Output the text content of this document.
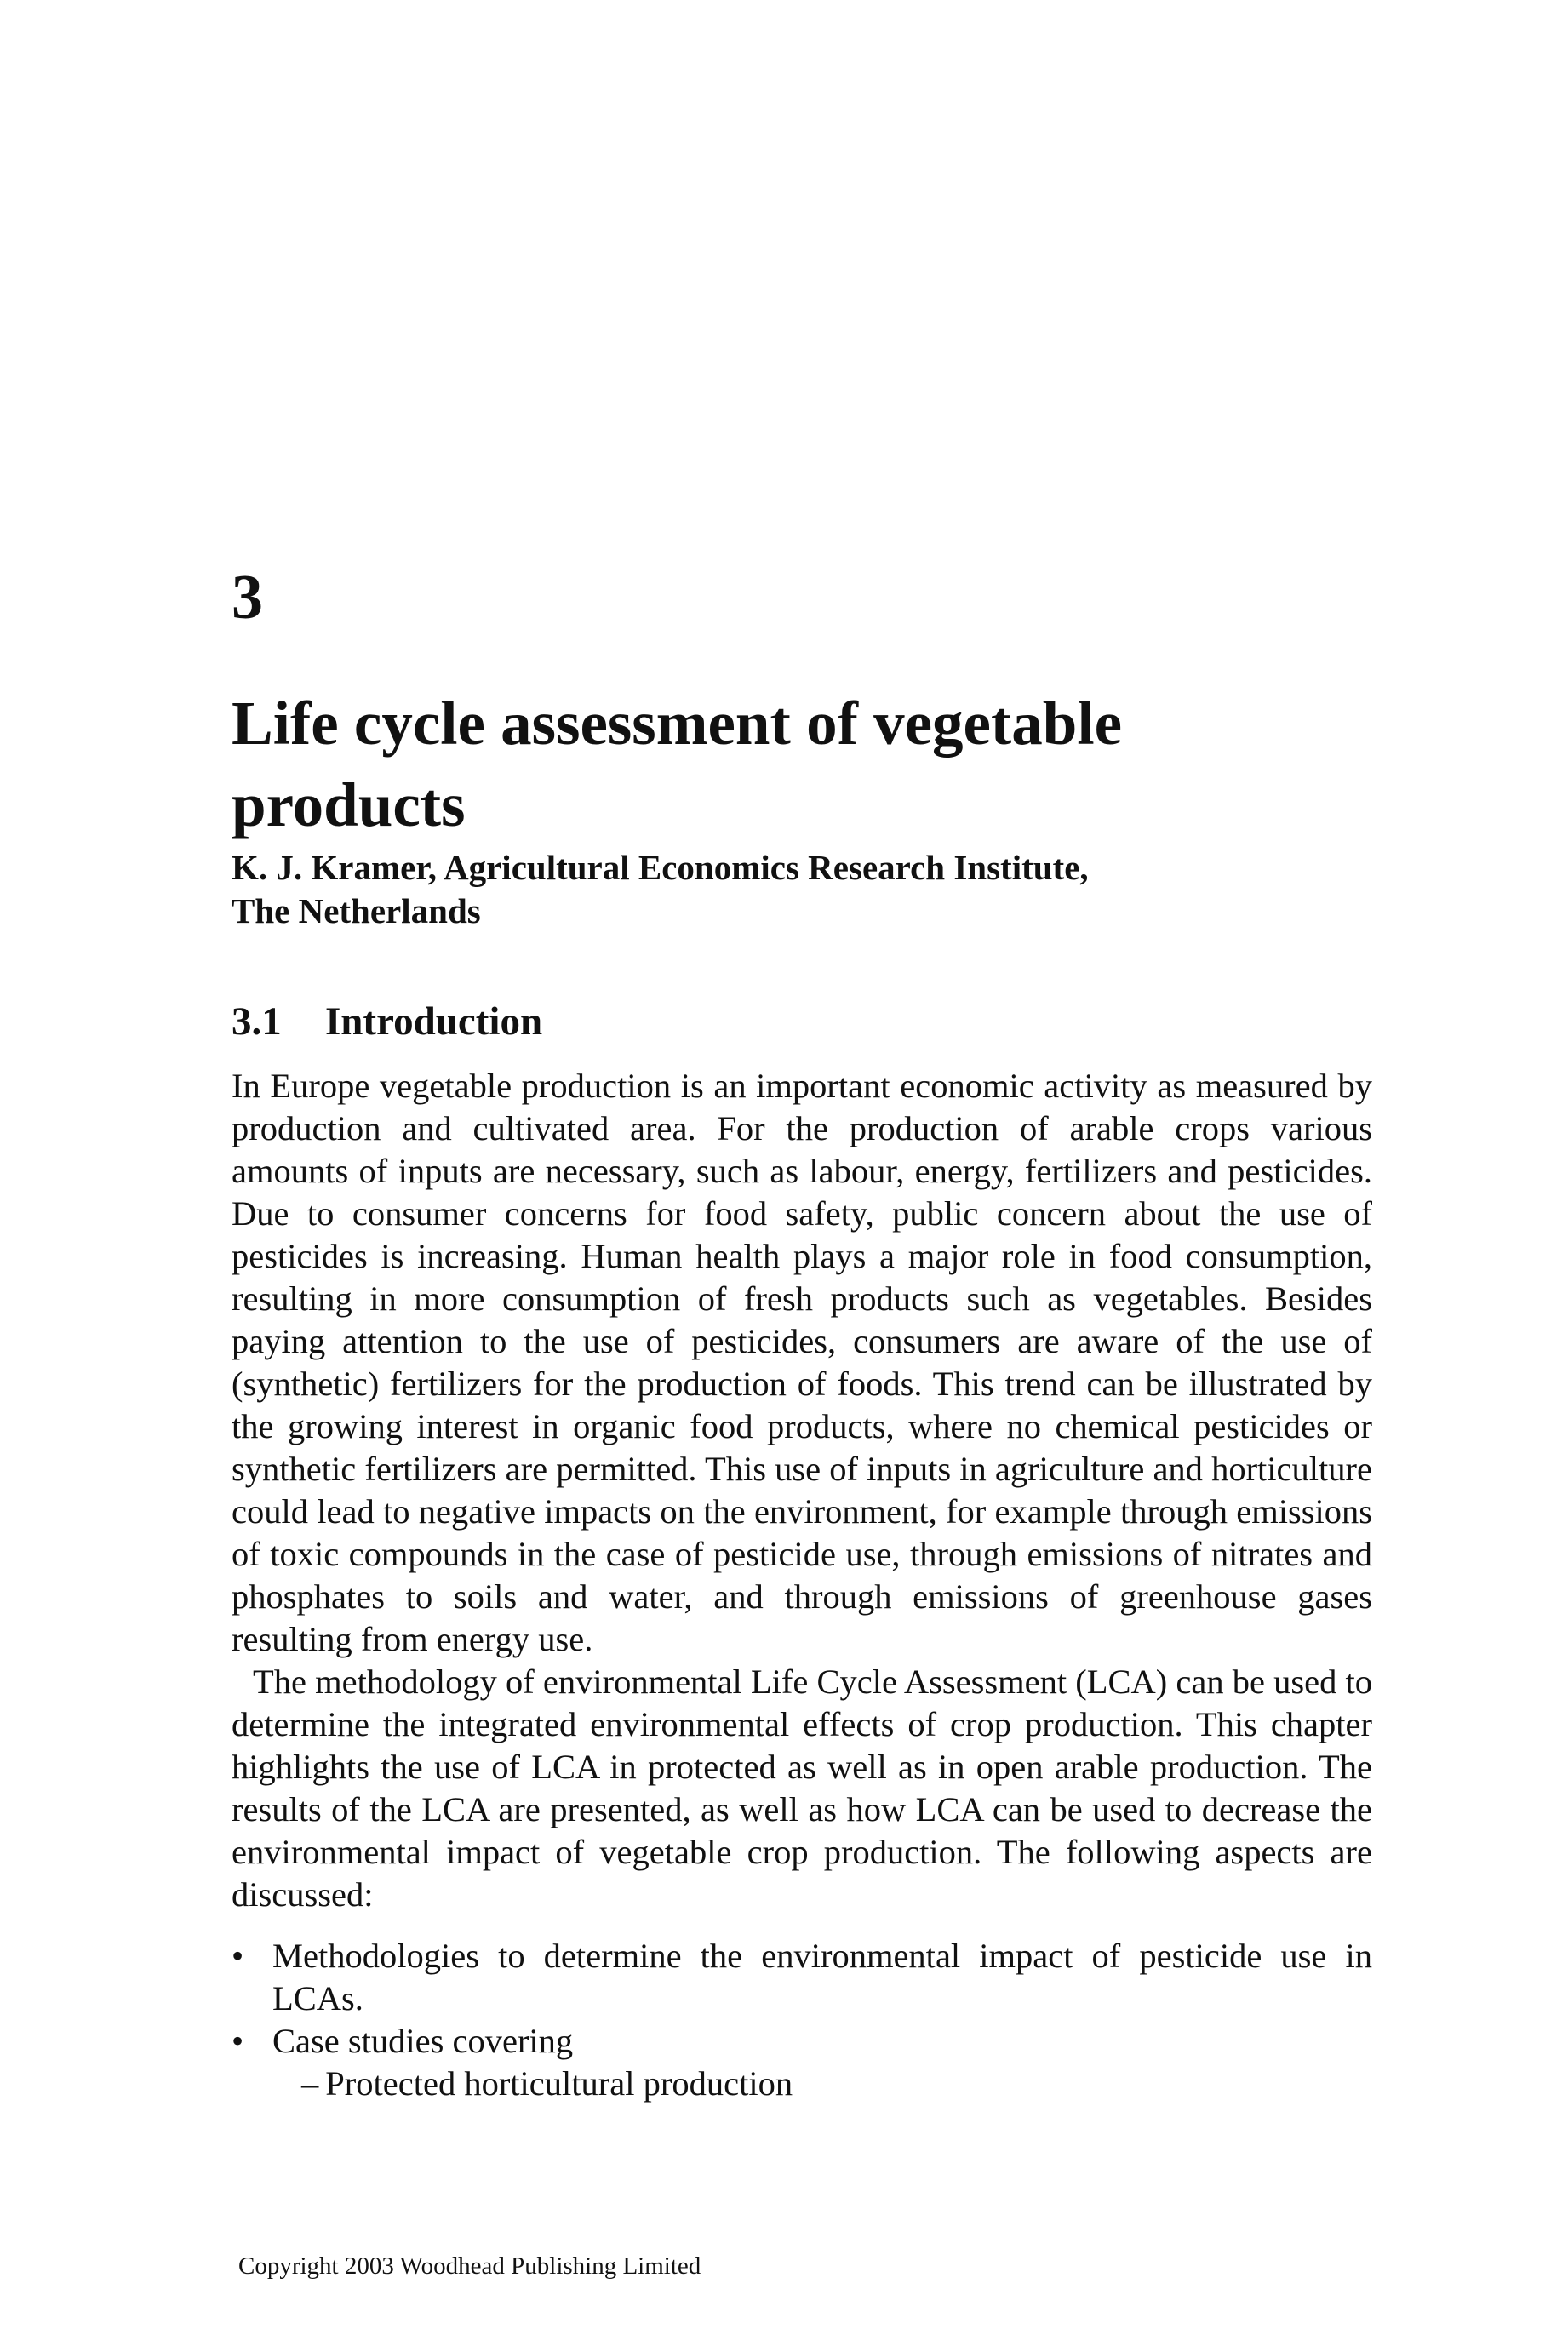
3
Life cycle assessment of vegetable
products
K. J. Kramer, Agricultural Economics Research Institute,
The Netherlands
3.1 Introduction

In Europe vegetable production is an important economic activity as measured by production and cultivated area. For the production of arable crops various amounts of inputs are necessary, such as labour, energy, fertilizers and pesticides. Due to consumer concerns for food safety, public concern about the use of pesticides is increasing. Human health plays a major role in food consumption, resulting in more consumption of fresh products such as vegetables. Besides paying attention to the use of pesticides, consumers are aware of the use of (synthetic) fertilizers for the production of foods. This trend can be illustrated by the growing interest in organic food products, where no chemical pesticides or synthetic fertilizers are permitted. This use of inputs in agriculture and horticulture could lead to negative impacts on the environment, for example through emissions of toxic compounds in the case of pesticide use, through emissions of nitrates and phosphates to soils and water, and through emissions of greenhouse gases resulting from energy use.

The methodology of environmental Life Cycle Assessment (LCA) can be used to determine the integrated environmental effects of crop production. This chapter highlights the use of LCA in protected as well as in open arable production. The results of the LCA are presented, as well as how LCA can be used to decrease the environmental impact of vegetable crop production. The following aspects are discussed:

• Methodologies to determine the environmental impact of pesticide use in LCAs.
• Case studies covering
– Protected horticultural production
Copyright 2003 Woodhead Publishing Limited
